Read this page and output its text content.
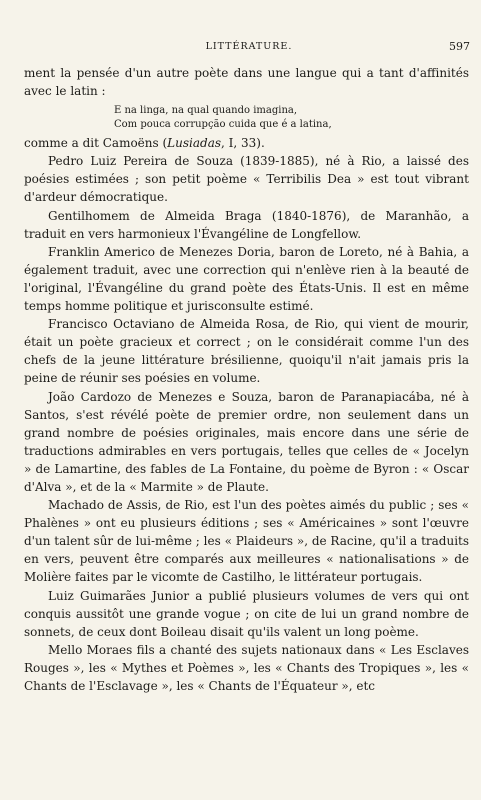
LITTÉRATURE.	597

ment la pensée d'un autre poète dans une langue qui a tant d'affinités avec le latin :

E na linga, na qual quando imagina,
Com pouca corrupção cuida que é a latina,

comme a dit Camoëns (Lusiadas, I, 33).

Pedro Luiz Pereira de Souza (1839-1885), né à Rio, a laissé des poésies estimées ; son petit poème « Terribilis Dea » est tout vibrant d'ardeur démocratique.

Gentilhomem de Almeida Braga (1840-1876), de Maranhão, a traduit en vers harmonieux l'Évangéline de Longfellow.

Franklin Americo de Menezes Doria, baron de Loreto, né à Bahia, a également traduit, avec une correction qui n'enlève rien à la beauté de l'original, l'Évangéline du grand poète des États-Unis. Il est en même temps homme politique et jurisconsulte estimé.

Francisco Octaviano de Almeida Rosa, de Rio, qui vient de mourir, était un poète gracieux et correct ; on le considérait comme l'un des chefs de la jeune littérature brésilienne, quoiqu'il n'ait jamais pris la peine de réunir ses poésies en volume.

João Cardozo de Menezes e Souza, baron de Paranapiacába, né à Santos, s'est révélé poète de premier ordre, non seulement dans un grand nombre de poésies originales, mais encore dans une série de traductions admirables en vers portugais, telles que celles de « Jocelyn » de Lamartine, des fables de La Fontaine, du poème de Byron : « Oscar d'Alva », et de la « Marmite » de Plaute.

Machado de Assis, de Rio, est l'un des poètes aimés du public ; ses « Phalènes » ont eu plusieurs éditions ; ses « Américaines » sont l'œuvre d'un talent sûr de lui-même ; les « Plaideurs », de Racine, qu'il a traduits en vers, peuvent être comparés aux meilleures « nationalisations » de Molière faites par le vicomte de Castilho, le littérateur portugais.

Luiz Guimarães Junior a publié plusieurs volumes de vers qui ont conquis aussitôt une grande vogue ; on cite de lui un grand nombre de sonnets, de ceux dont Boileau disait qu'ils valent un long poème.

Mello Moraes fils a chanté des sujets nationaux dans « Les Esclaves Rouges », les « Mythes et Poèmes », les « Chants des Tropiques », les « Chants de l'Esclavage », les « Chants de l'Équateur », etc
